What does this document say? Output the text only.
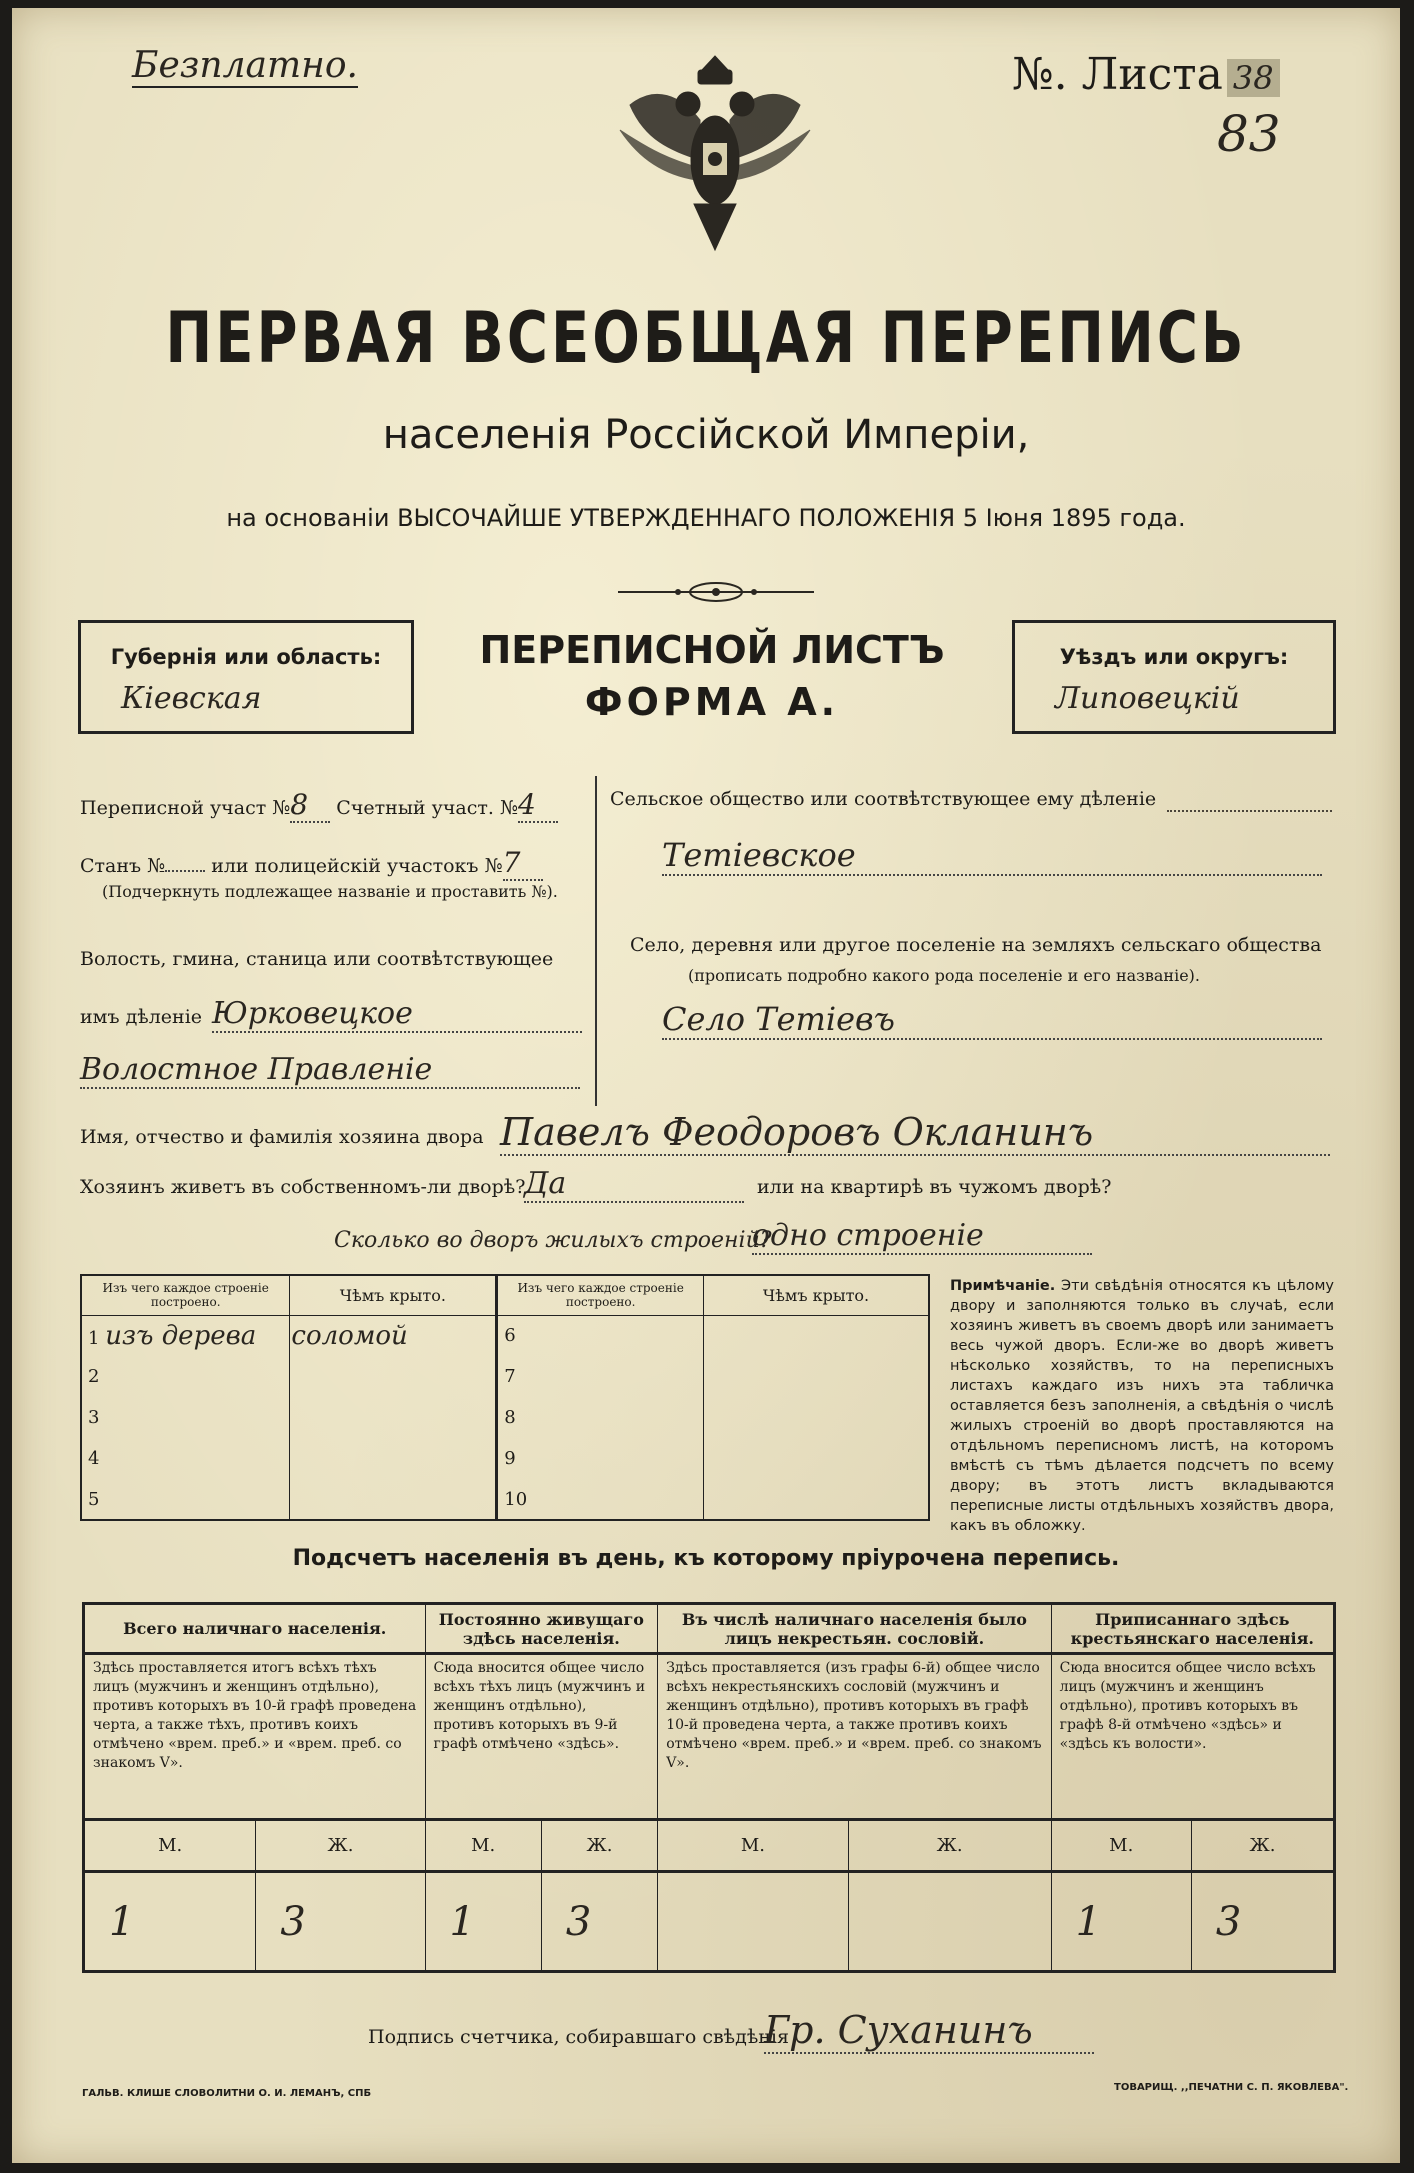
Безплатно.	№. Листа 38
83
ПЕРВАЯ ВСЕОБЩАЯ ПЕРЕПИСЬ
населенія Россійской Имперіи,
на основаніи ВЫСОЧАЙШЕ УТВЕРЖДЕННАГО ПОЛОЖЕНІЯ 5 Іюня 1895 года.
Губернія или область:
Кіевская
ПЕРЕПИСНОЙ ЛИСТЪ
ФОРМА А.
Уѣздъ или округъ:
Липовецкій
Переписной участ №8 Счетный участ. №4
Станъ № или полицейскій участокъ №7
(Подчеркнуть подлежащее названіе и проставить №).
Волость, гмина, станица или соотвѣтствующее
имъ дѣленіе Юрковецкое
Волостное Правленіе
Сельское общество или соотвѣтствующее ему дѣленіе
Тетіевское
Село, деревня или другое поселеніе на земляхъ сельскаго общества
(прописать подробно какого рода поселеніе и его названіе).
Село Тетіевъ
Имя, отчество и фамилія хозяина двора Павелъ Феодоровъ Окланинъ
Хозяинъ живетъ въ собственномъ-ли дворѣ?
Да	или на квартирѣ въ чужомъ дворѣ?
Сколько во дворъ жилыхъ строеній?
одно строеніе
Изъ чего каждое строеніе построено.	Чѣмъ крыто.	Изъ чего каждое строеніе построено.	Чѣмъ крыто.
1 изъ дерева	соломой	6	
2		7	
3		8	
4		9	
5		10	
Примѣчаніе. Эти свѣдѣнія относятся къ цѣлому двору и заполняются только въ случаѣ, если хозяинъ живетъ въ своемъ дворѣ или занимаетъ весь чужой дворъ. Если-же во дворѣ живетъ нѣсколько хозяйствъ, то на переписныхъ листахъ каждаго изъ нихъ эта табличка оставляется безъ заполненія, а свѣдѣнія о числѣ жилыхъ строеній во дворѣ проставляются на отдѣльномъ переписномъ листѣ, на которомъ вмѣстѣ съ тѣмъ дѣлается подсчетъ по всему двору; въ этотъ листъ вкладываются переписные листы отдѣльныхъ хозяйствъ двора, какъ въ обложку.
Подсчетъ населенія въ день, къ которому пріурочена перепись.
Всего наличнаго населенія.		Постоянно живущаго здѣсь населенія.		Въ числѣ наличнаго населенія было лицъ некрестьян. сословій.		Приписаннаго здѣсь крестьянскаго населенія.	
Здѣсь проставляется итогъ всѣхъ тѣхъ лицъ (мужчинъ и женщинъ отдѣльно), противъ которыхъ въ 10-й графѣ проведена черта, а также тѣхъ, противъ коихъ отмѣчено «врем. преб.» и «врем. преб. со знакомъ V».		Сюда вносится общее число всѣхъ тѣхъ лицъ (мужчинъ и женщинъ отдѣльно), противъ которыхъ въ 9-й графѣ отмѣчено «здѣсь».		Здѣсь проставляется (изъ графы 6-й) общее число всѣхъ некрестьянскихъ сословій (мужчинъ и женщинъ отдѣльно), противъ которыхъ въ графѣ 10-й проведена черта, а также противъ коихъ отмѣчено «врем. преб.» и «врем. преб. со знакомъ V».		Сюда вносится общее число всѣхъ лицъ (мужчинъ и женщинъ отдѣльно), противъ которыхъ въ графѣ 8-й отмѣчено «здѣсь» и «здѣсь къ волости».	
М.	Ж.	М.	Ж.	М.	Ж.	М.	Ж.
1	3	1	3			1	3
Подпись счетчика, собиравшаго свѣдѣнія
Гр. Суханинъ
ГАЛЬВ. КЛИШЕ СЛОВОЛИТНИ О. И. ЛЕМАНЪ, СПБ
ТОВАРИЩ. ,,ПЕЧАТНИ С. П. ЯКОВЛЕВА".
